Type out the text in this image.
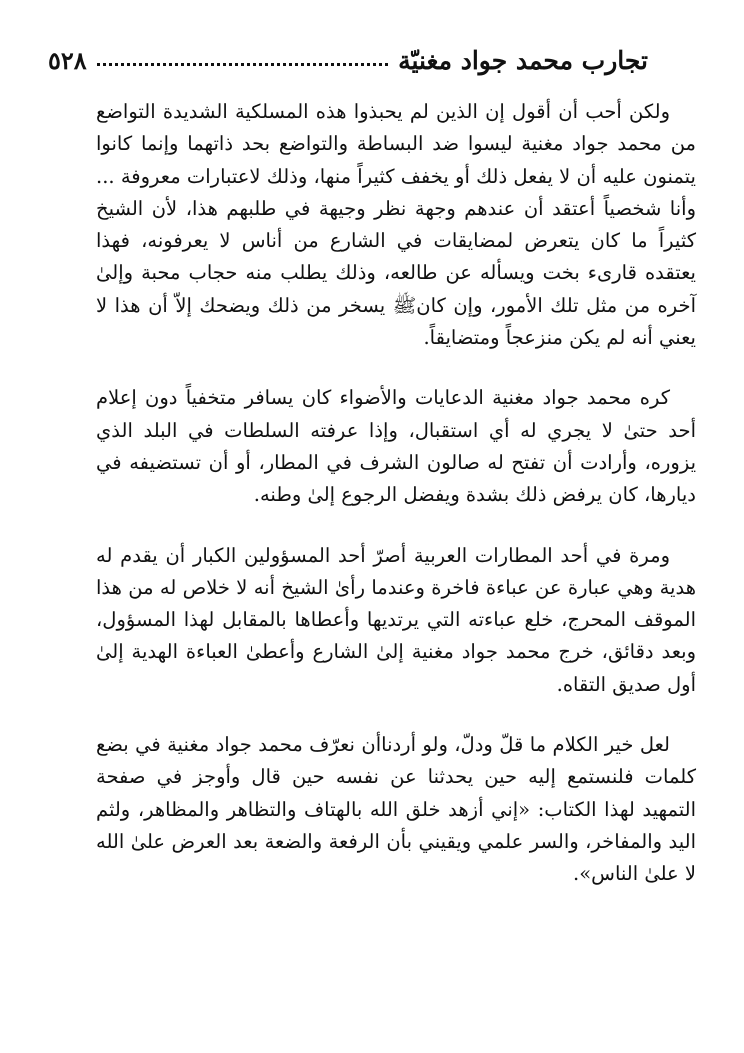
٥٢٨	تجارب محمد جواد مغنيّة

ولكن أحب أن أقول إن الذين لم يحبذوا هذه المسلكية الشديدة التواضع من محمد جواد مغنية ليسوا ضد البساطة والتواضع بحد ذاتهما وإنما كانوا يتمنون عليه أن لا يفعل ذلك أو يخفف كثيراً منها، وذلك لاعتبارات معروفة ... وأنا شخصياً أعتقد أن عندهم وجهة نظر وجيهة في طلبهم هذا، لأن الشيخ كثيراً ما كان يتعرض لمضايقات في الشارع من أناس لا يعرفونه، فهذا يعتقده قارىء بخت ويسأله عن طالعه، وذلك يطلب منه حجاب محبة وإلىٰ آخره من مثل تلك الأمور، وإن كانﷺ يسخر من ذلك ويضحك إلاّ أن هذا لا يعني أنه لم يكن منزعجاً ومتضايقاً.

كره محمد جواد مغنية الدعايات والأضواء كان يسافر متخفياً دون إعلام أحد حتىٰ لا يجري له أي استقبال، وإذا عرفته السلطات في البلد الذي يزوره، وأرادت أن تفتح له صالون الشرف في المطار، أو أن تستضيفه في ديارها، كان يرفض ذلك بشدة ويفضل الرجوع إلىٰ وطنه.

ومرة في أحد المطارات العربية أصرّ أحد المسؤولين الكبار أن يقدم له هدية وهي عبارة عن عباءة فاخرة وعندما رأىٰ الشيخ أنه لا خلاص له من هذا الموقف المحرج، خلع عباءته التي يرتديها وأعطاها بالمقابل لهذا المسؤول، وبعد دقائق، خرج محمد جواد مغنية إلىٰ الشارع وأعطىٰ العباءة الهدية إلىٰ أول صديق التقاه.

لعل خير الكلام ما قلّ ودلّ، ولو أردناأن نعرّف محمد جواد مغنية في بضع كلمات فلنستمع إليه حين يحدثنا عن نفسه حين قال وأوجز في صفحة التمهيد لهذا الكتاب: «إني أزهد خلق الله بالهتاف والتظاهر والمظاهر، ولثم اليد والمفاخر، والسر علمي ويقيني بأن الرفعة والضعة بعد العرض علىٰ الله لا علىٰ الناس».
